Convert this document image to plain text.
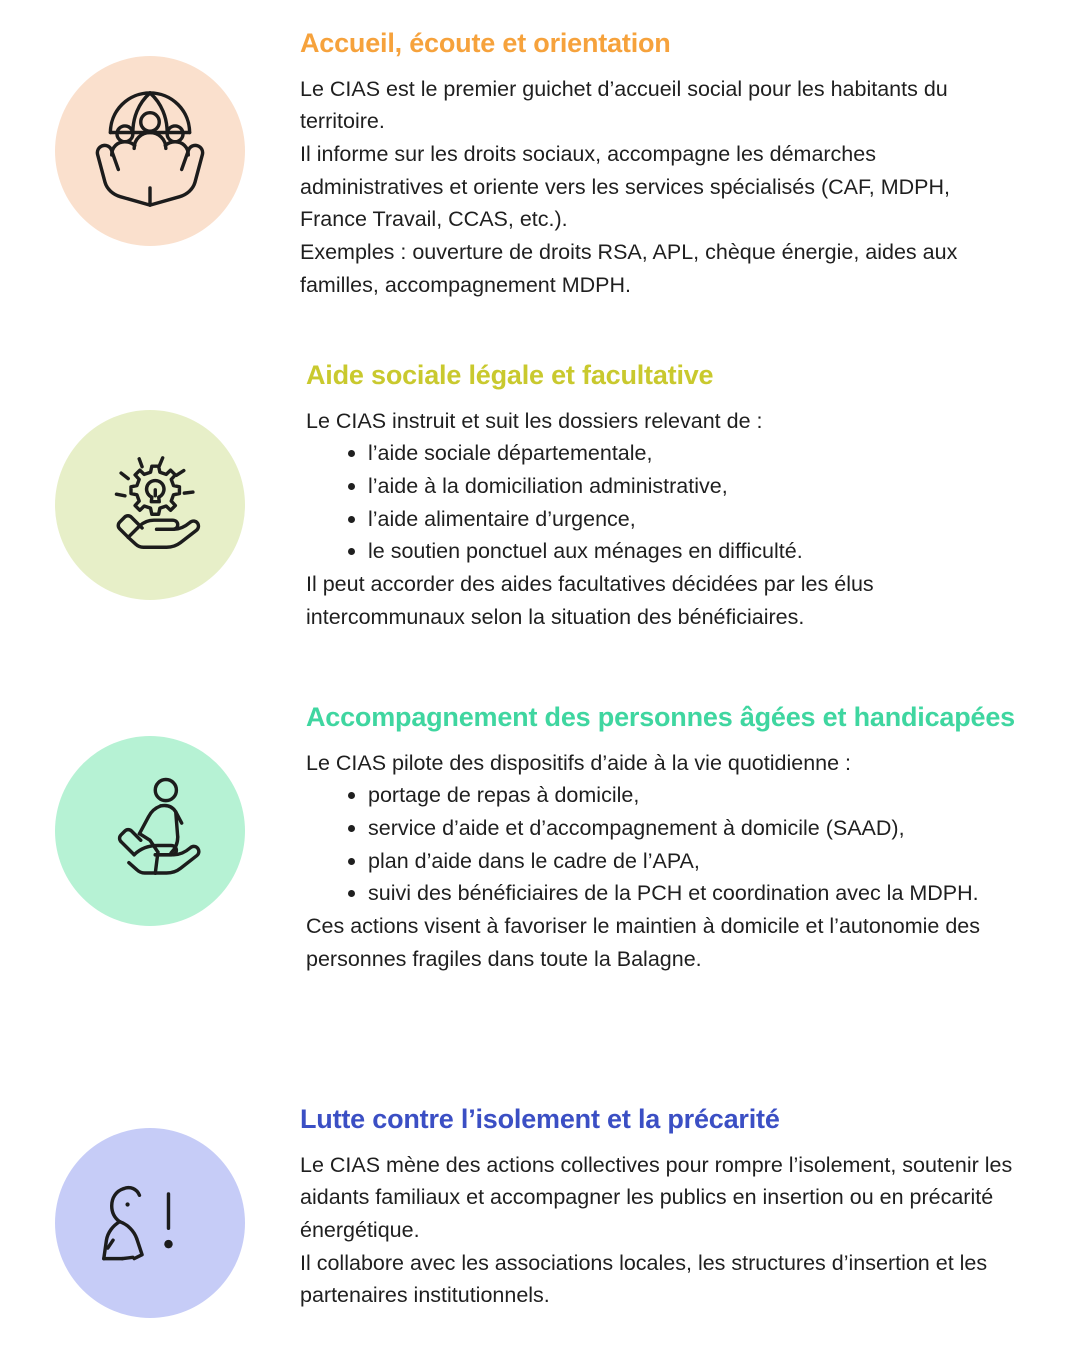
Accueil, écoute et orientation

Le CIAS est le premier guichet d’accueil social pour les habitants du territoire.

Il informe sur les droits sociaux, accompagne les démarches administratives et oriente vers les services spécialisés (CAF, MDPH, France Travail, CCAS, etc.).

Exemples : ouverture de droits RSA, APL, chèque énergie, aides aux familles, accompagnement MDPH.

Aide sociale légale et facultative

Le CIAS instruit et suit les dossiers relevant de :

l’aide sociale départementale,
l’aide à la domiciliation administrative,
l’aide alimentaire d’urgence,
le soutien ponctuel aux ménages en difficulté.

Il peut accorder des aides facultatives décidées par les élus intercommunaux selon la situation des bénéficiaires.

Accompagnement des personnes âgées et handicapées

Le CIAS pilote des dispositifs d’aide à la vie quotidienne :

portage de repas à domicile,
service d’aide et d’accompagnement à domicile (SAAD),
plan d’aide dans le cadre de l’APA,
suivi des bénéficiaires de la PCH et coordination avec la MDPH.

Ces actions visent à favoriser le maintien à domicile et l’autonomie des personnes fragiles dans toute la Balagne.

Lutte contre l’isolement et la précarité

Le CIAS mène des actions collectives pour rompre l’isolement, soutenir les aidants familiaux et accompagner les publics en insertion ou en précarité énergétique.

Il collabore avec les associations locales, les structures d’insertion et les partenaires institutionnels.
